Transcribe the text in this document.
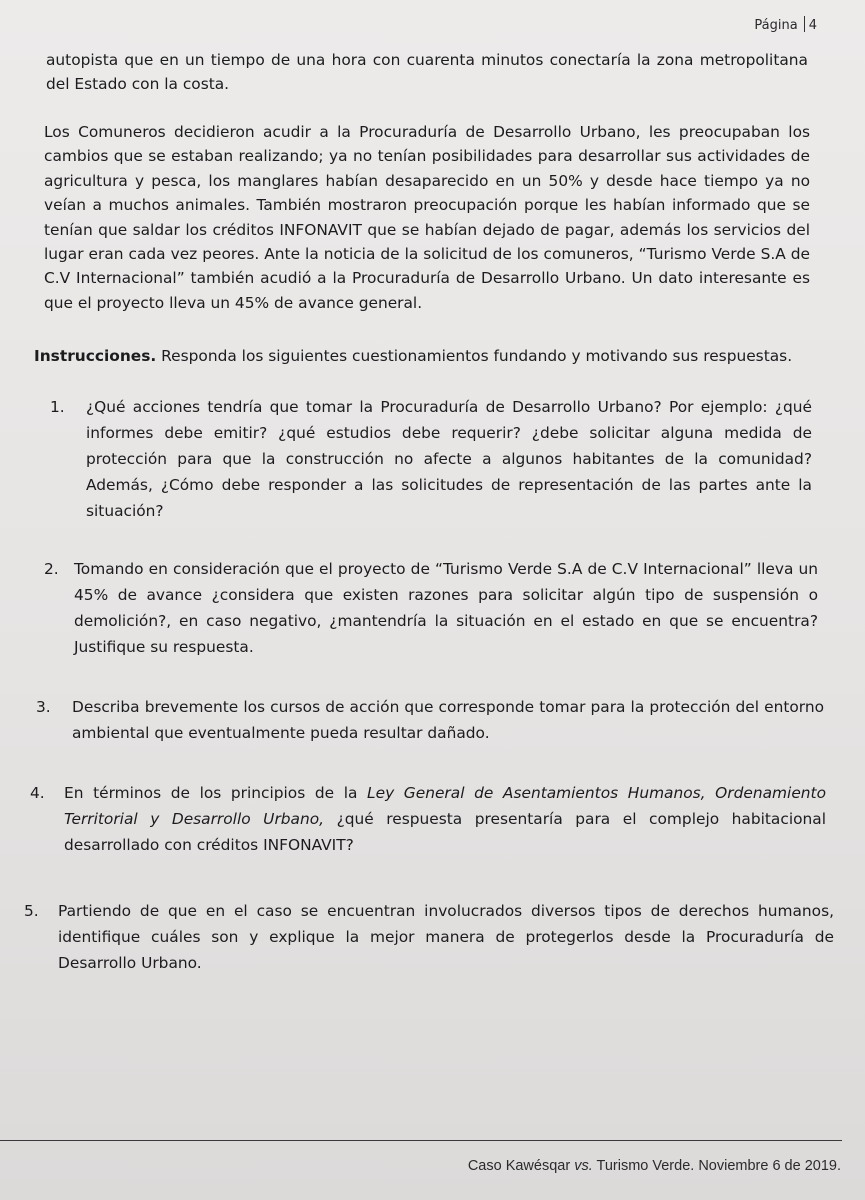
Página 4

autopista que en un tiempo de una hora con cuarenta minutos conectaría la zona metropolitana del Estado con la costa.

Los Comuneros decidieron acudir a la Procuraduría de Desarrollo Urbano, les preocupaban los cambios que se estaban realizando; ya no tenían posibilidades para desarrollar sus actividades de agricultura y pesca, los manglares habían desaparecido en un 50% y desde hace tiempo ya no veían a muchos animales. También mostraron preocupación porque les habían informado que se tenían que saldar los créditos INFONAVIT que se habían dejado de pagar, además los servicios del lugar eran cada vez peores. Ante la noticia de la solicitud de los comuneros, “Turismo Verde S.A de C.V Internacional” también acudió a la Procuraduría de Desarrollo Urbano. Un dato interesante es que el proyecto lleva un 45% de avance general.

Instrucciones. Responda los siguientes cuestionamientos fundando y motivando sus respuestas.

1. ¿Qué acciones tendría que tomar la Procuraduría de Desarrollo Urbano? Por ejemplo: ¿qué informes debe emitir? ¿qué estudios debe requerir? ¿debe solicitar alguna medida de protección para que la construcción no afecte a algunos habitantes de la comunidad? Además, ¿Cómo debe responder a las solicitudes de representación de las partes ante la situación?

2. Tomando en consideración que el proyecto de “Turismo Verde S.A de C.V Internacional” lleva un 45% de avance ¿considera que existen razones para solicitar algún tipo de suspensión o demolición?, en caso negativo, ¿mantendría la situación en el estado en que se encuentra? Justifique su respuesta.

3. Describa brevemente los cursos de acción que corresponde tomar para la protección del entorno ambiental que eventualmente pueda resultar dañado.

4. En términos de los principios de la Ley General de Asentamientos Humanos, Ordenamiento Territorial y Desarrollo Urbano, ¿qué respuesta presentaría para el complejo habitacional desarrollado con créditos INFONAVIT?

5. Partiendo de que en el caso se encuentran involucrados diversos tipos de derechos humanos, identifique cuáles son y explique la mejor manera de protegerlos desde la Procuraduría de Desarrollo Urbano.

Caso Kawésqar vs. Turismo Verde. Noviembre 6 de 2019.
